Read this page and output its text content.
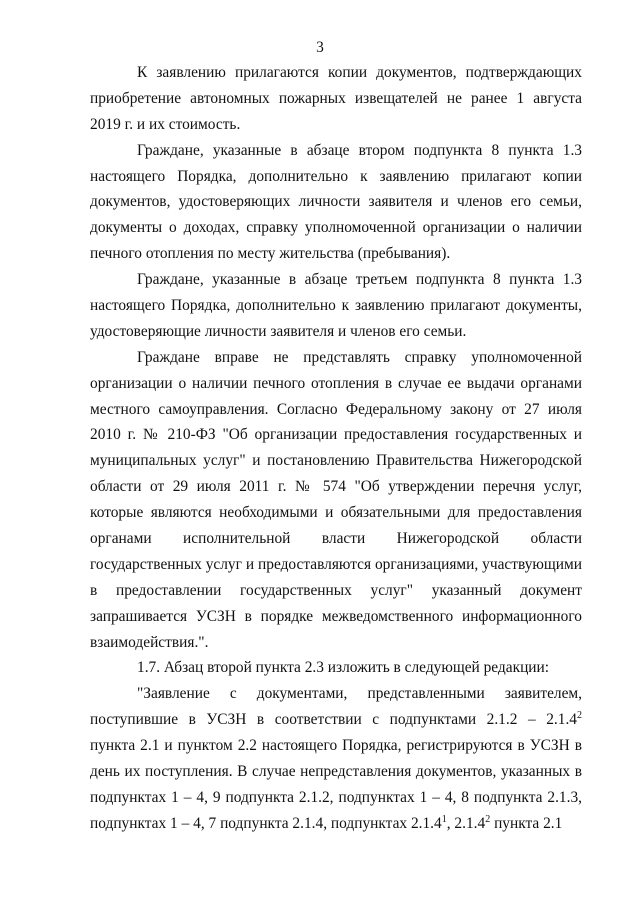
3
К заявлению прилагаются копии документов, подтверждающих
приобретение автономных пожарных извещателей не ранее 1 августа
2019 г. и их стоимость.
Граждане, указанные в абзаце втором подпункта 8 пункта 1.3
настоящего Порядка, дополнительно к заявлению прилагают копии
документов, удостоверяющих личности заявителя и членов его семьи,
документы о доходах, справку уполномоченной организации о наличии
печного отопления по месту жительства (пребывания).
Граждане, указанные в абзаце третьем подпункта 8 пункта 1.3
настоящего Порядка, дополнительно к заявлению прилагают документы,
удостоверяющие личности заявителя и членов его семьи.
Граждане вправе не представлять справку уполномоченной
организации о наличии печного отопления в случае ее выдачи органами
местного самоуправления. Согласно Федеральному закону от 27 июля
2010 г. № 210-ФЗ "Об организации предоставления государственных и
муниципальных услуг" и постановлению Правительства Нижегородской
области от 29 июля 2011 г. № 574 "Об утверждении перечня услуг,
которые являются необходимыми и обязательными для предоставления
органами исполнительной власти Нижегородской области
государственных услуг и предоставляются организациями, участвующими
в предоставлении государственных услуг" указанный документ
запрашивается УСЗН в порядке межведомственного информационного
взаимодействия.".
1.7. Абзац второй пункта 2.3 изложить в следующей редакции:
"Заявление с документами, представленными заявителем,
поступившие в УСЗН в соответствии с подпунктами 2.1.2 – 2.1.4$^2$
пункта 2.1 и пунктом 2.2 настоящего Порядка, регистрируются в УСЗН в
день их поступления. В случае непредставления документов, указанных в
подпунктах 1 – 4, 9 подпункта 2.1.2, подпунктах 1 – 4, 8 подпункта 2.1.3,
подпунктах 1 – 4, 7 подпункта 2.1.4, подпунктах 2.1.4$^1$, 2.1.4$^2$ пункта 2.1
